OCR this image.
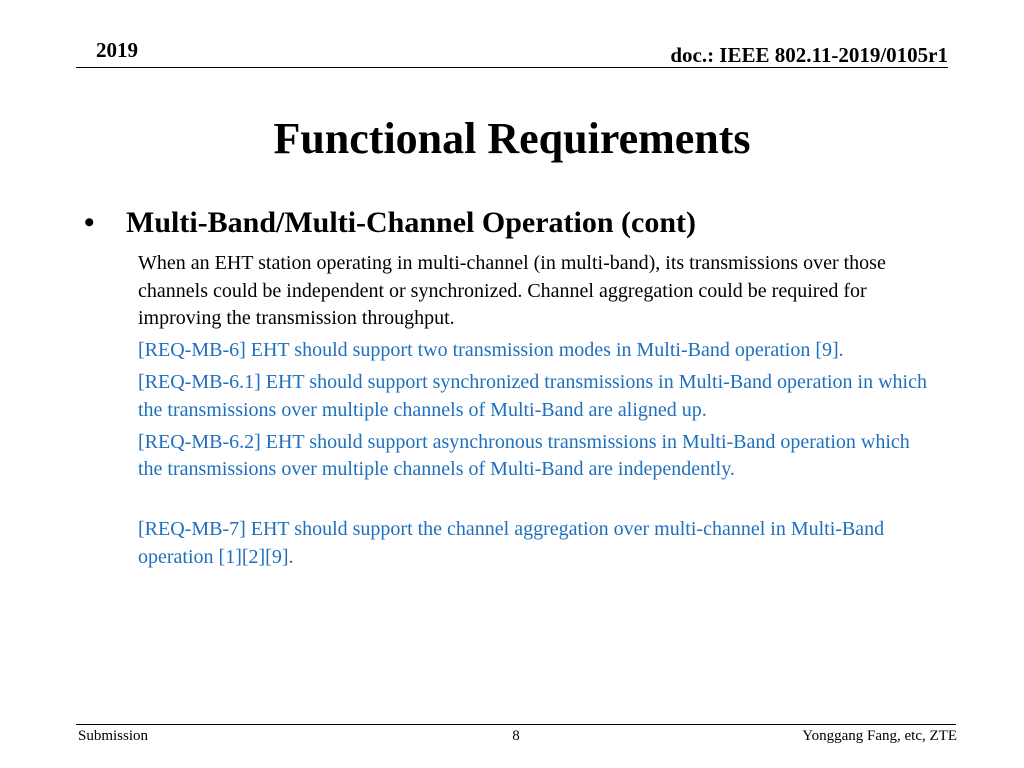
2019	doc.: IEEE 802.11-2019/0105r1
Functional Requirements
• Multi-Band/Multi-Channel Operation (cont)

When an EHT station operating in multi-channel (in multi-band), its transmissions over those channels could be independent or synchronized. Channel aggregation could be required for improving the transmission throughput.

[REQ-MB-6] EHT should support two transmission modes in Multi-Band operation [9].

[REQ-MB-6.1] EHT should support synchronized transmissions in Multi-Band operation in which the transmissions over multiple channels of Multi-Band are aligned up.

[REQ-MB-6.2] EHT should support asynchronous transmissions in Multi-Band operation which the transmissions over multiple channels of Multi-Band are independently.

[REQ-MB-7] EHT should support the channel aggregation over multi-channel in Multi-Band operation [1][2][9].

Submission	8	Yonggang Fang, etc, ZTE
